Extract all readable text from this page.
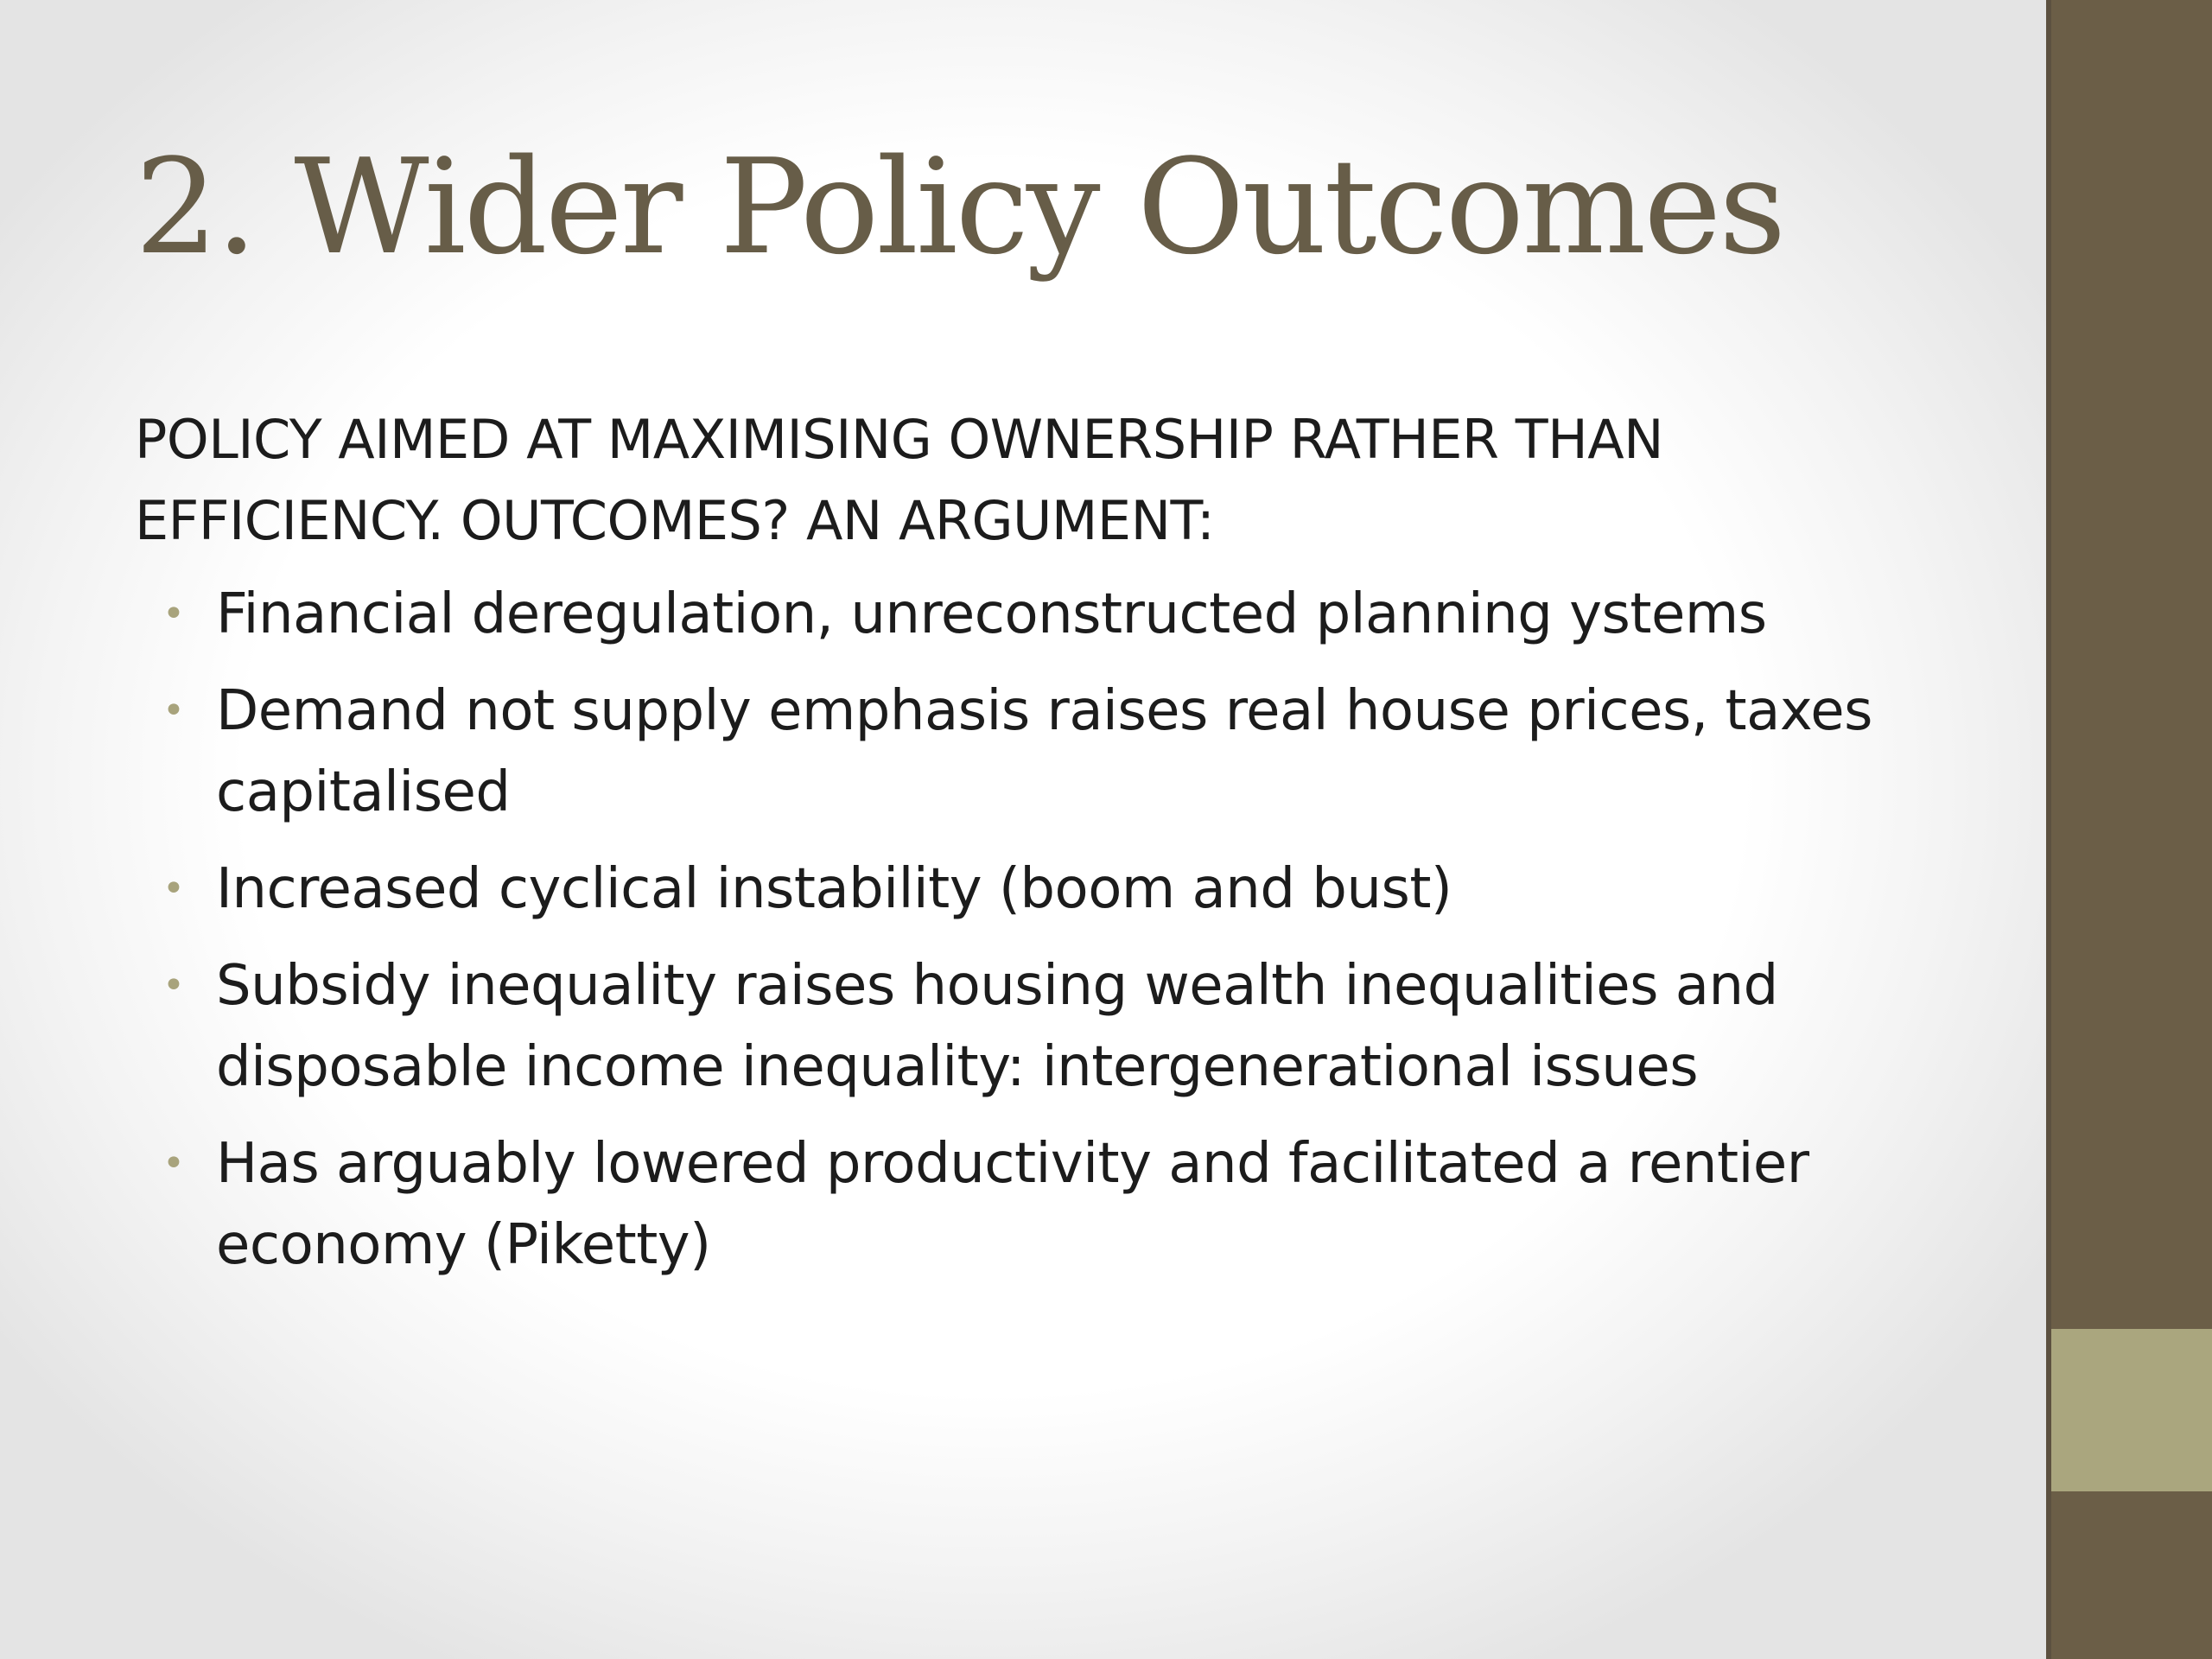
2. Wider Policy Outcomes

POLICY AIMED AT MAXIMISING OWNERSHIP RATHER THAN
EFFICIENCY. OUTCOMES? AN ARGUMENT:

• Financial deregulation, unreconstructed planning ystems
• Demand not supply emphasis raises real house prices, taxes capitalised
• Increased cyclical instability (boom and bust)
• Subsidy inequality raises housing wealth inequalities and disposable income inequality: intergenerational issues
• Has arguably lowered productivity and facilitated a rentier economy (Piketty)
